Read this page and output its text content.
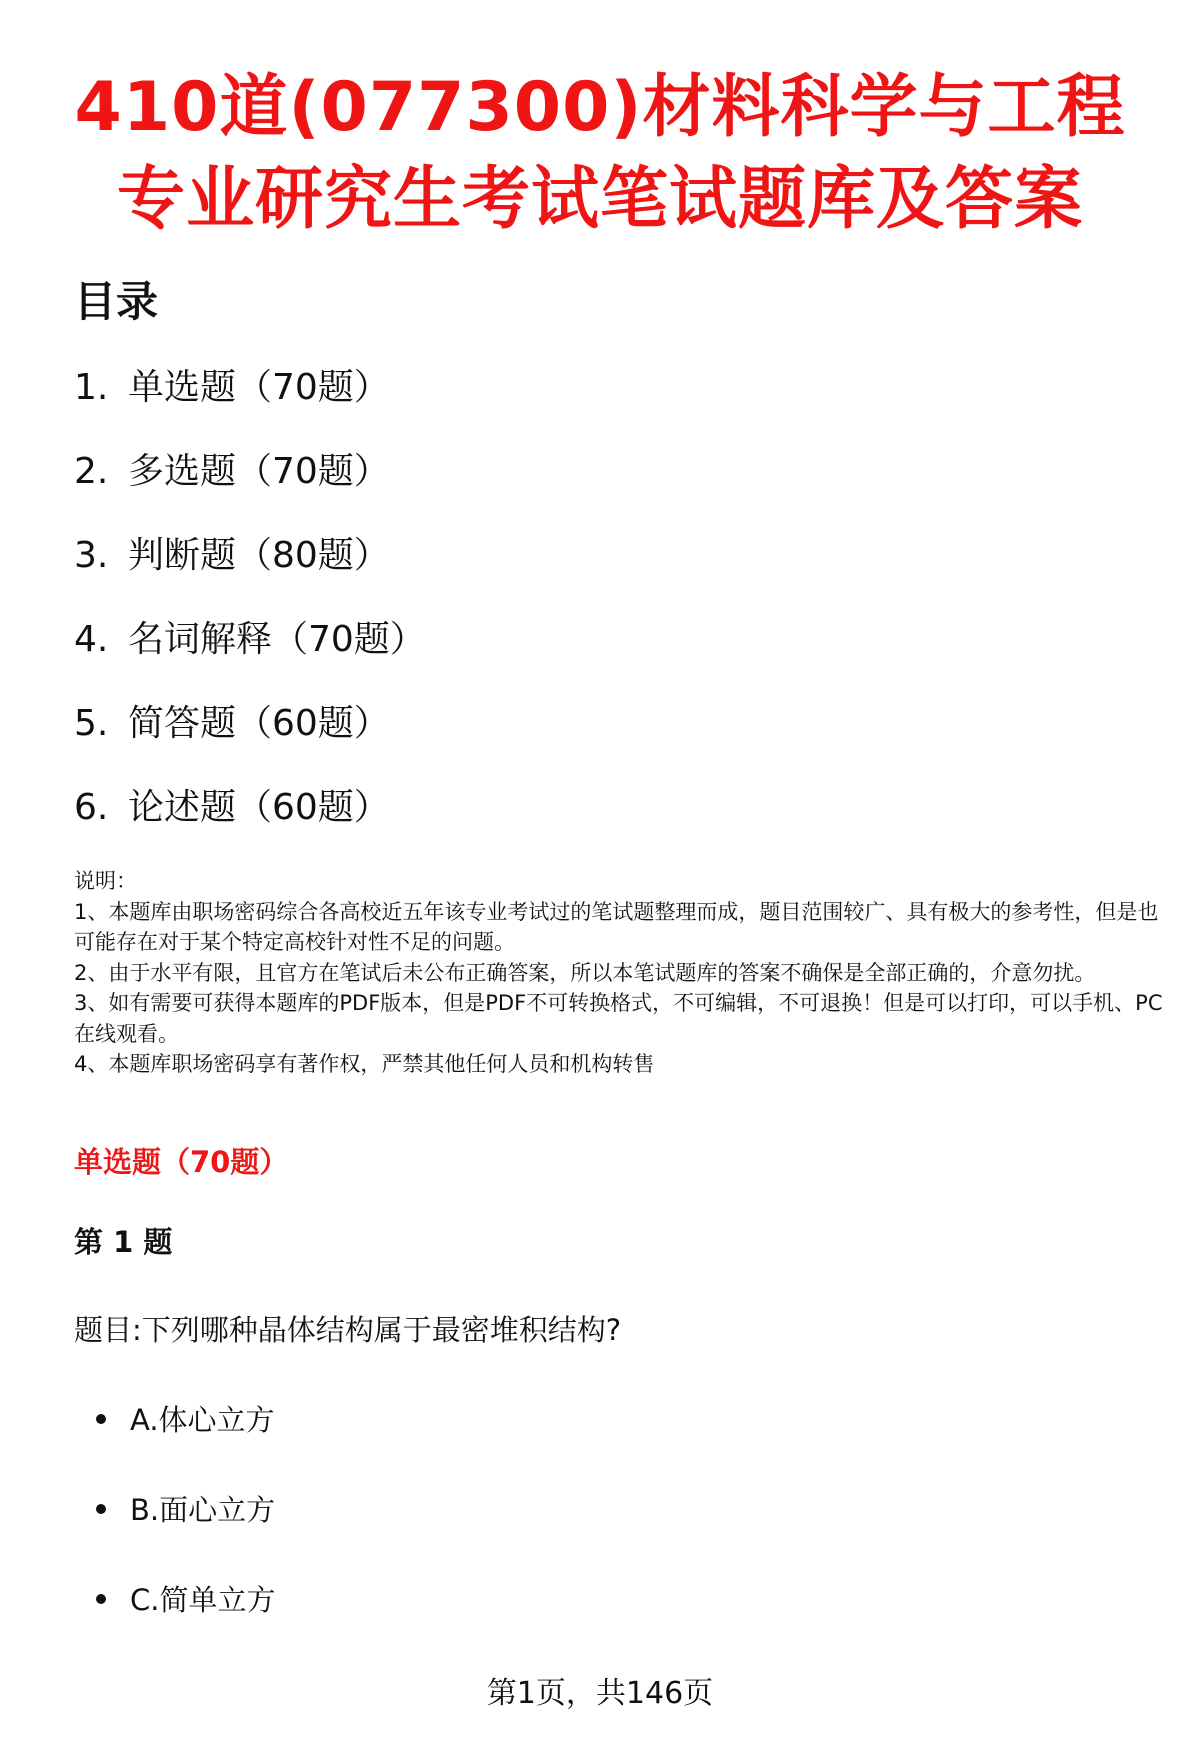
410道(077300)材料科学与工程专业研究生考试笔试题库及答案
目录
1. 单选题（70题）
2. 多选题（70题）
3. 判断题（80题）
4. 名词解释（70题）
5. 简答题（60题）
6. 论述题（60题）

说明：

1、本题库由职场密码综合各高校近五年该专业考试过的笔试题整理而成，题目范围较广、具有极大的参考性，但是也可能存在对于某个特定高校针对性不足的问题。

2、由于水平有限，且官方在笔试后未公布正确答案，所以本笔试题库的答案不确保是全部正确的，介意勿扰。

3、如有需要可获得本题库的PDF版本，但是PDF不可转换格式，不可编辑，不可退换！但是可以打印，可以手机、PC在线观看。

4、本题库职场密码享有著作权，严禁其他任何人员和机构转售

单选题（70题）
第 1 题

题目:下列哪种晶体结构属于最密堆积结构?

A.体心立方
B.面心立方
C.简单立方
第1页，共146页
